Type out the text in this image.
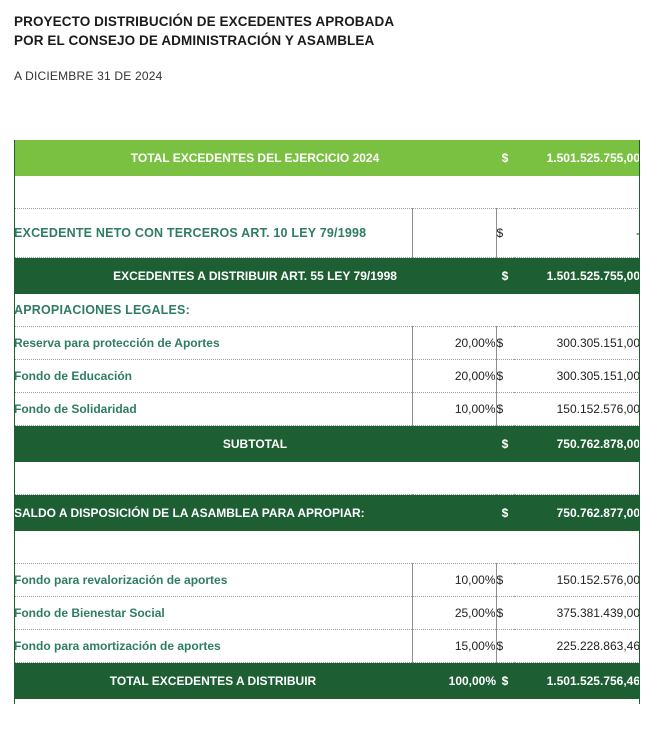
PROYECTO DISTRIBUCIÓN DE EXCEDENTES APROBADA
POR EL CONSEJO DE ADMINISTRACIÓN Y ASAMBLEA
A DICIEMBRE 31 DE 2024
TOTAL EXCEDENTES DEL EJERCICIO 2024		$	1.501.525.755,00

EXCEDENTE NETO CON TERCEROS ART. 10 LEY 79/1998		$	-
EXCEDENTES A DISTRIBUIR ART. 55 LEY 79/1998		$	1.501.525.755,00
APROPIACIONES LEGALES:			
Reserva para protección de Aportes	20,00%	$	300.305.151,00
Fondo de Educación	20,00%	$	300.305.151,00
Fondo de Solidaridad	10,00%	$	150.152.576,00
SUBTOTAL		$	750.762.878,00

SALDO A DISPOSICIÓN DE LA ASAMBLEA PARA APROPIAR:		$	750.762.877,00

Fondo para revalorización de aportes	10,00%	$	150.152.576,00
Fondo de Bienestar Social	25,00%	$	375.381.439,00
Fondo para amortización de aportes	15,00%	$	225.228.863,46
TOTAL EXCEDENTES A DISTRIBUIR	100,00%	$	1.501.525.756,46
